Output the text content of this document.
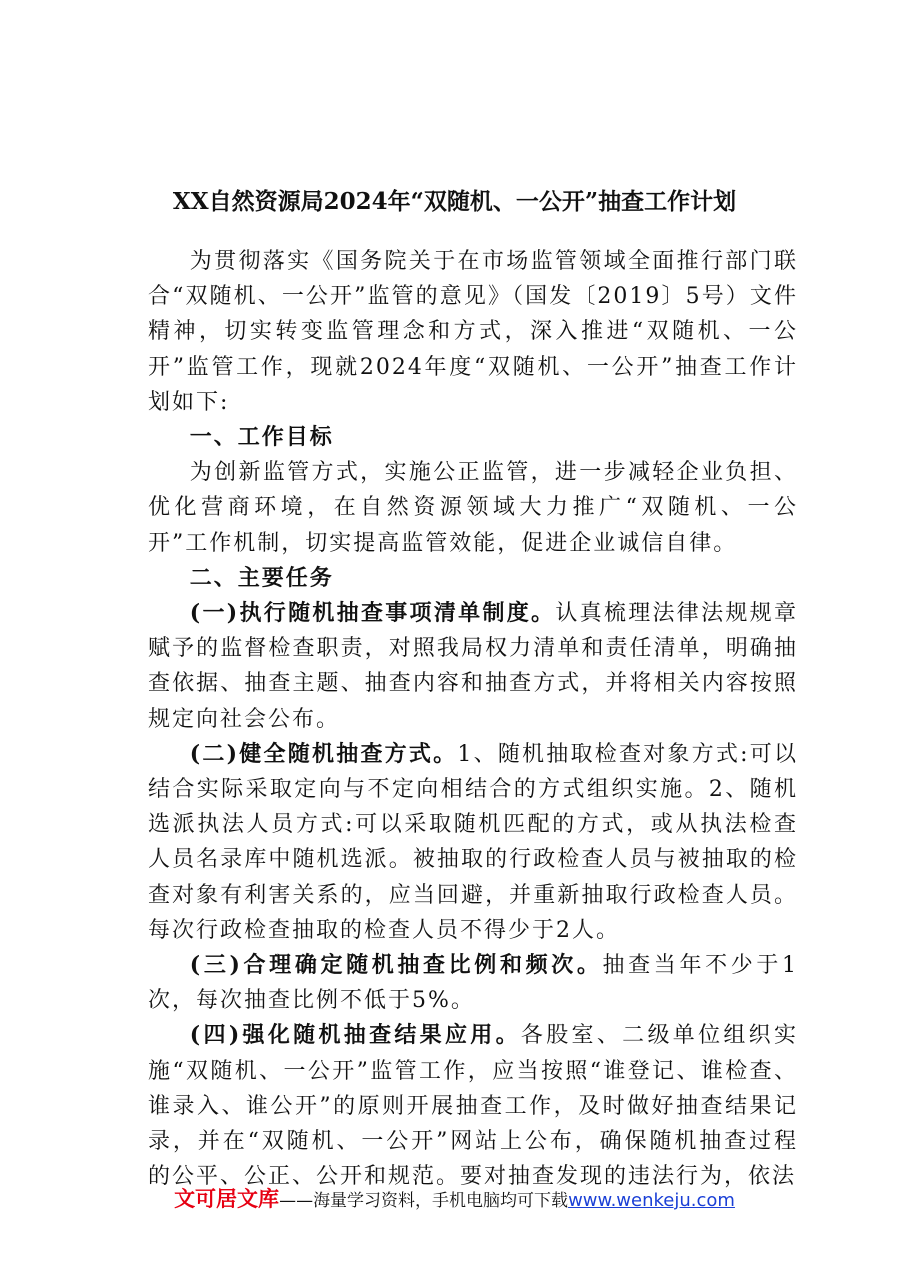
XX自然资源局2024年“双随机、一公开”抽查工作计划

为贯彻落实《国务院关于在市场监管领域全面推行部门联合“双随机、一公开”监管的意见》（国发〔2019〕5号）文件精神，切实转变监管理念和方式，深入推进“双随机、一公开”监管工作，现就2024年度“双随机、一公开”抽查工作计划如下:

一、工作目标

为创新监管方式，实施公正监管，进一步减轻企业负担、优化营商环境，在自然资源领域大力推广“双随机、一公开”工作机制，切实提高监管效能，促进企业诚信自律。

二、主要任务

(一)执行随机抽查事项清单制度。认真梳理法律法规规章赋予的监督检查职责，对照我局权力清单和责任清单，明确抽查依据、抽查主题、抽查内容和抽查方式，并将相关内容按照规定向社会公布。

(二)健全随机抽查方式。1、随机抽取检查对象方式:可以结合实际采取定向与不定向相结合的方式组织实施。2、随机选派执法人员方式:可以采取随机匹配的方式，或从执法检查人员名录库中随机选派。被抽取的行政检查人员与被抽取的检查对象有利害关系的，应当回避，并重新抽取行政检查人员。每次行政检查抽取的检查人员不得少于2人。

(三)合理确定随机抽查比例和频次。抽查当年不少于1次，每次抽查比例不低于5%。

(四)强化随机抽查结果应用。各股室、二级单位组织实施“双随机、一公开”监管工作，应当按照“谁登记、谁检查、谁录入、谁公开”的原则开展抽查工作，及时做好抽查结果记录，并在“双随机、一公开”网站上公布，确保随机抽查过程的公平、公正、公开和规范。要对抽查发现的违法行为，依法

文可居文库——海量学习资料，手机电脑均可下载www.wenkeju.com
